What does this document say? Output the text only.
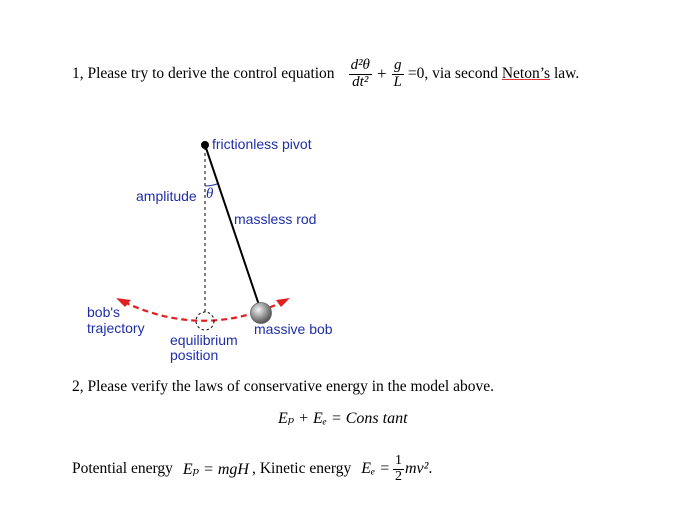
1, Please try to derive the control equation $\frac{\text{d²θ}}{\text{dt²}} + \frac{g}{L} =0$ , via second Neton’s law.
frictionless pivot
amplitude θ
massless rod
bob's
trajectory
equilibrium
position
massive bob
2, Please verify the laws of conservative energy in the model above.
Eₚ + Eₑ = Cons tant
Potential energy Eₚ = mgH , Kinetic energy $E_e = \frac{1}{2} mv^2$ .
